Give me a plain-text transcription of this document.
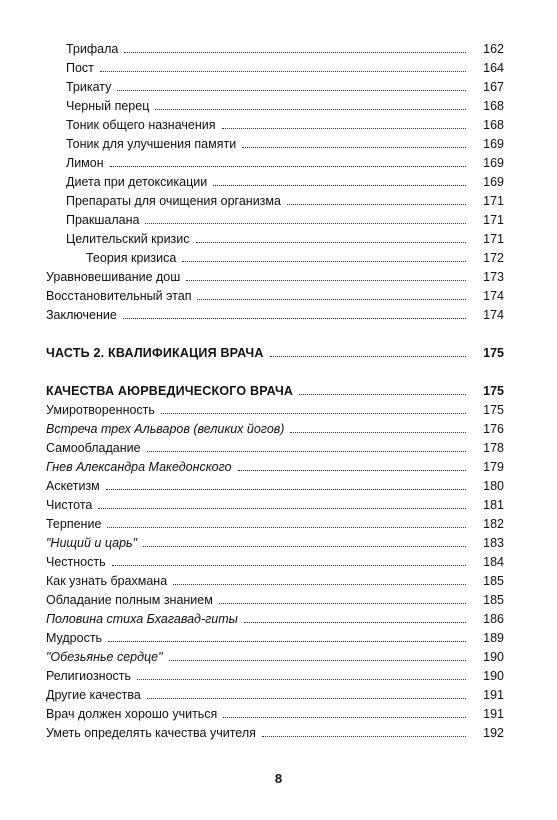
Трифала	162
Пост	164
Трикату	167
Черный перец	168
Тоник общего назначения	168
Тоник для улучшения памяти	169
Лимон	169
Диета при детоксикации	169
Препараты для очищения организма	171
Пракшалана	171
Целительский кризис	171
Теория кризиса	172
Уравновешивание дош	173
Восстановительный этап	174
Заключение	174
ЧАСТЬ 2. КВАЛИФИКАЦИЯ ВРАЧА	175
КАЧЕСТВА АЮРВЕДИЧЕСКОГО ВРАЧА	175
Умиротворенность	175
Встреча трех Альваров (великих йогов)	176
Самообладание	178
Гнев Александра Македонского	179
Аскетизм	180
Чистота	181
Терпение	182
"Нищий и царь"	183
Честность	184
Как узнать брахмана	185
Обладание полным знанием	185
Половина стиха Бхагавад-гиты	186
Мудрость	189
"Обезьянье сердце"	190
Религиозность	190
Другие качества	191
Врач должен хорошо учиться	191
Уметь определять качества учителя	192
8
